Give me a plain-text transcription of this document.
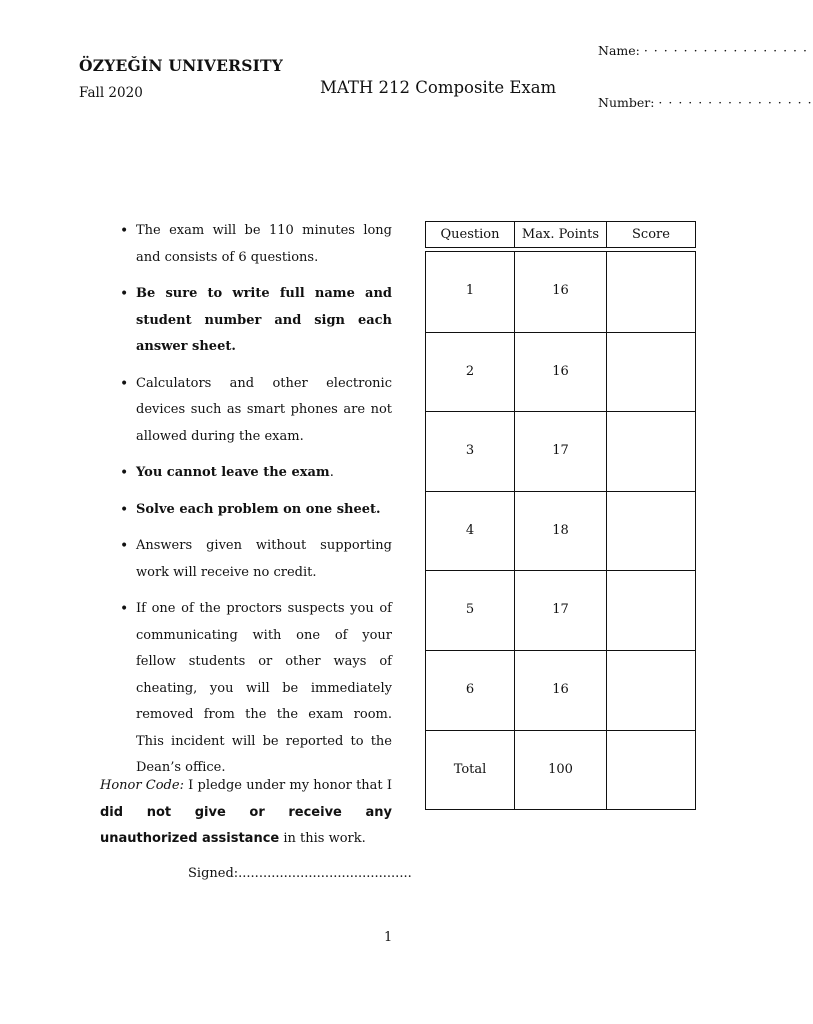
ÖZYEĞİN UNIVERSITY
Fall 2020	MATH 212 Composite Exam
Name: · · · · · · · · · · · · · · · · ·
Number: · · · · · · · · · · · · · · · ·
• The exam will be 110 minutes long and consists of 6 questions.
• Be sure to write full name and student number and sign each answer sheet.
• Calculators and other electronic devices such as smart phones are not allowed during the exam.
• You cannot leave the exam.
• Solve each problem on one sheet.
• Answers given without supporting work will receive no credit.
• If one of the proctors suspects you of communicating with one of your fellow students or other ways of cheating, you will be immediately removed from the the exam room. This incident will be reported to the Dean’s office.
Honor Code: I pledge under my honor that I did not give or receive any unauthorized assistance in this work.
Signed:..........................................
1
Question	Max. Points	Score
1	16
2	16
3	17
4	18
5	17
6	16
Total	100
